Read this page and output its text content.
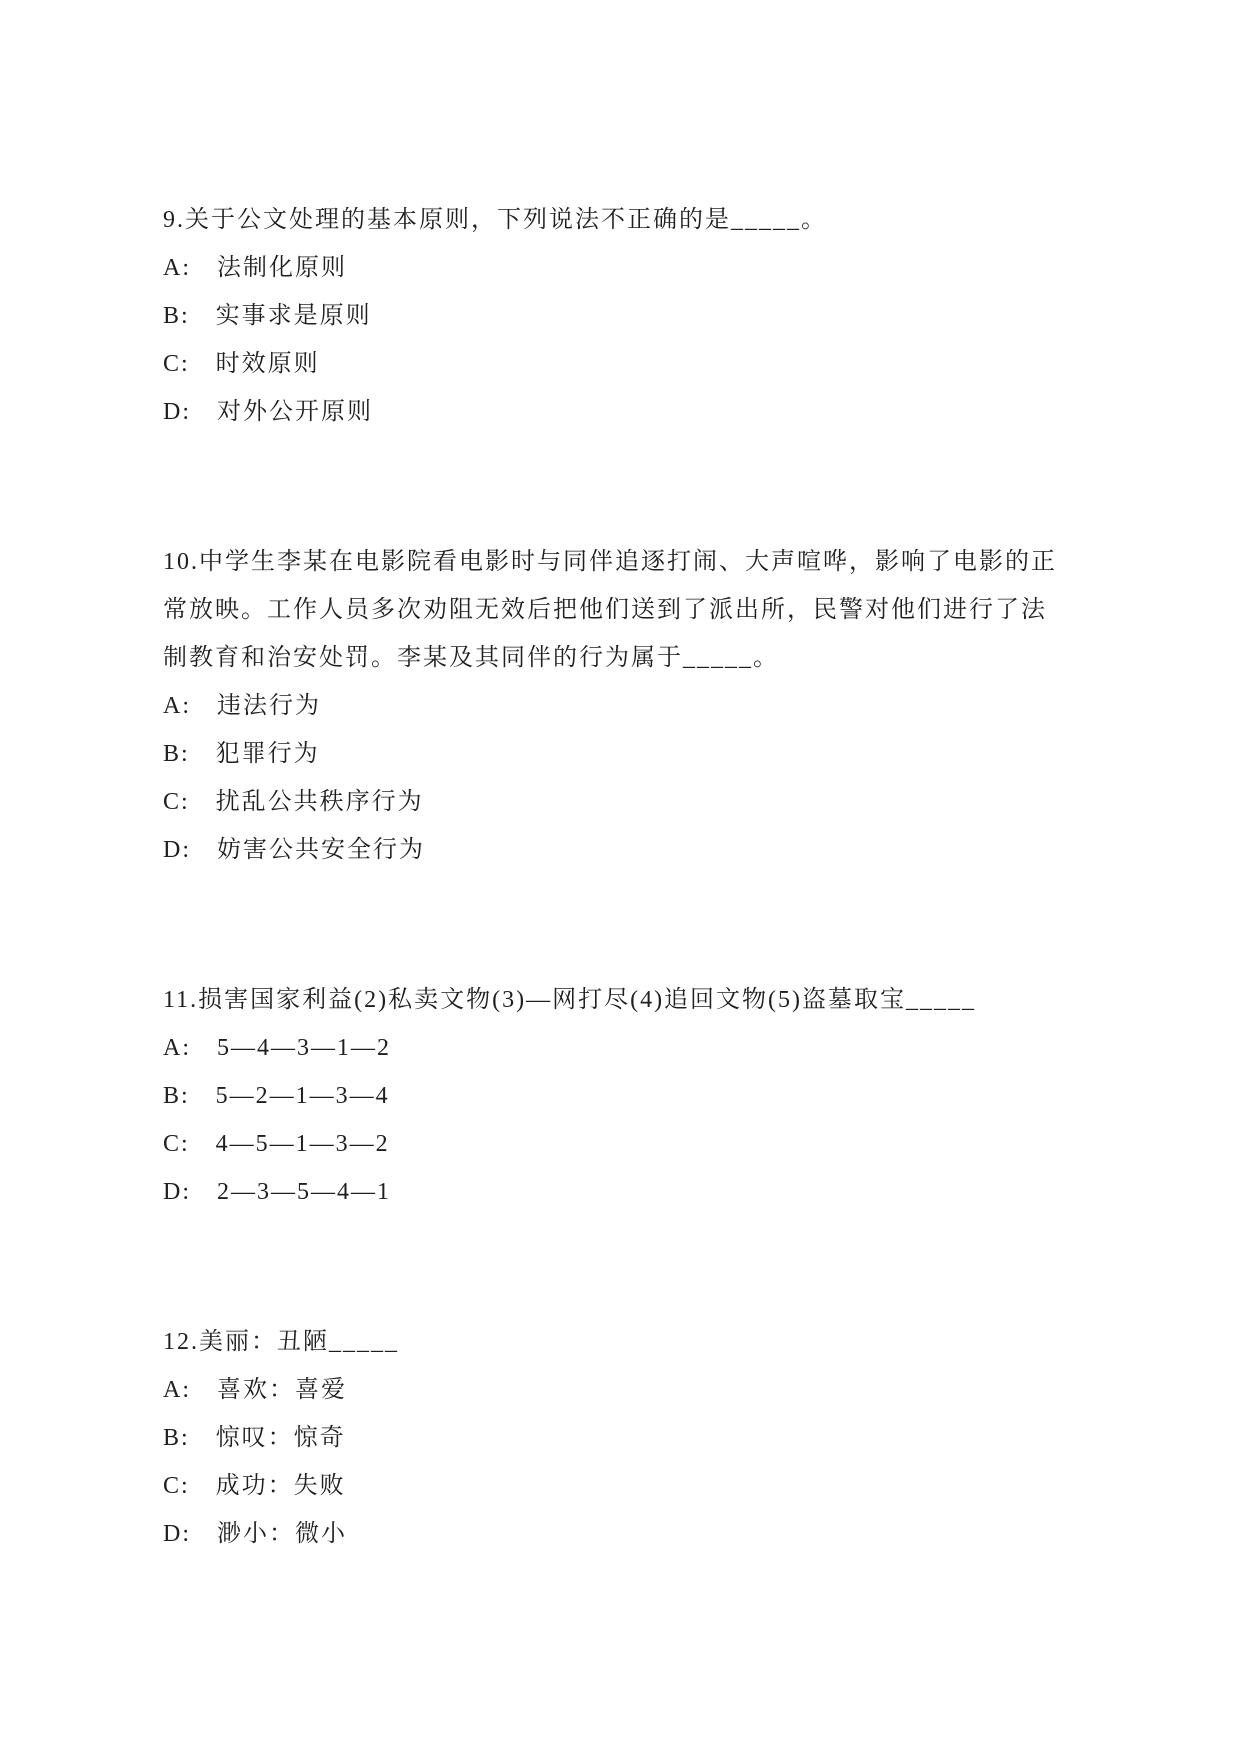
9.关于公文处理的基本原则，下列说法不正确的是_____。
A:　法制化原则
B:　实事求是原则
C:　时效原则
D:　对外公开原则
10.中学生李某在电影院看电影时与同伴追逐打闹、大声喧哗，影响了电影的正
常放映。工作人员多次劝阻无效后把他们送到了派出所，民警对他们进行了法
制教育和治安处罚。李某及其同伴的行为属于_____。
A:　违法行为
B:　犯罪行为
C:　扰乱公共秩序行为
D:　妨害公共安全行为
11.损害国家利益(2)私卖文物(3)—网打尽(4)追回文物(5)盗墓取宝_____
A:　5—4—3—1—2
B:　5—2—1—3—4
C:　4—5—1—3—2
D:　2—3—5—4—1
12.美丽：丑陋_____
A:　喜欢：喜爱
B:　惊叹：惊奇
C:　成功：失败
D:　渺小：微小
